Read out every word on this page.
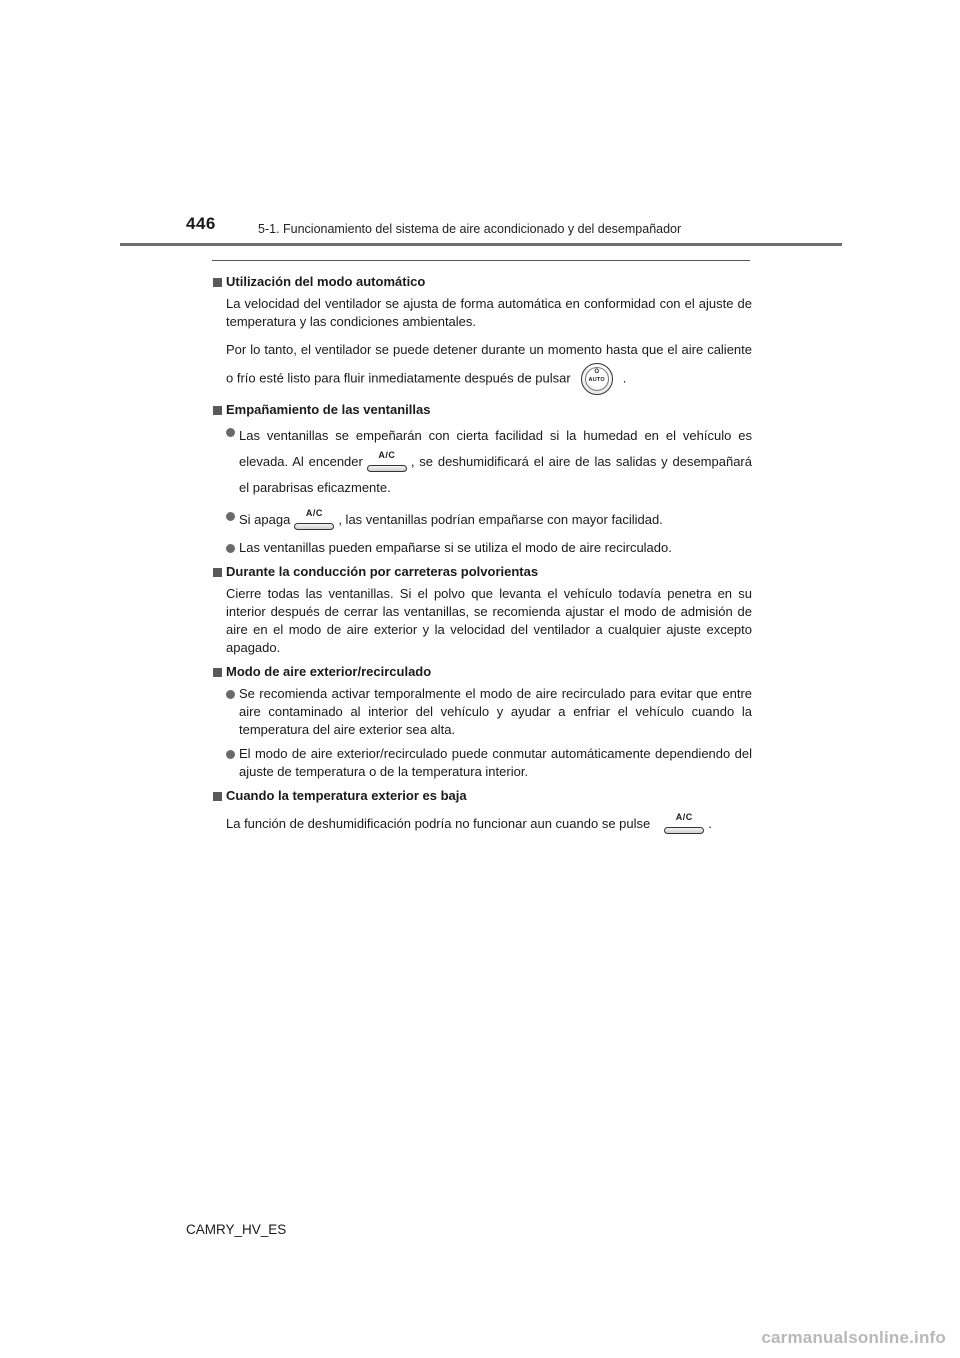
446	5-1. Funcionamiento del sistema de aire acondicionado y del desempañador
Utilización del modo automático
La velocidad del ventilador se ajusta de forma automática en conformidad con el ajuste de temperatura y las condiciones ambientales.
Por lo tanto, el ventilador se puede detener durante un momento hasta que el aire caliente o frío esté listo para fluir inmediatamente después de pulsar	O
AUTO	.
Empañamiento de las ventanillas
Las ventanillas se empeñarán con cierta facilidad si la humedad en el vehículo es elevada. Al encender	A/C	, se deshumidificará el aire de las salidas y desempañará el parabrisas eficazmente.
Si apaga	A/C	, las ventanillas podrían empañarse con mayor facilidad.
Las ventanillas pueden empañarse si se utiliza el modo de aire recirculado.
Durante la conducción por carreteras polvorientas
Cierre todas las ventanillas. Si el polvo que levanta el vehículo todavía penetra en su interior después de cerrar las ventanillas, se recomienda ajustar el modo de admisión de aire en el modo de aire exterior y la velocidad del ventilador a cualquier ajuste excepto apagado.
Modo de aire exterior/recirculado
Se recomienda activar temporalmente el modo de aire recirculado para evitar que entre aire contaminado al interior del vehículo y ayudar a enfriar el vehículo cuando la temperatura del aire exterior sea alta.
El modo de aire exterior/recirculado puede conmutar automáticamente dependiendo del ajuste de temperatura o de la temperatura interior.
Cuando la temperatura exterior es baja
La función de deshumidificación podría no funcionar aun cuando se pulse	A/C	.
CAMRY_HV_ES
carmanualsonline.info
